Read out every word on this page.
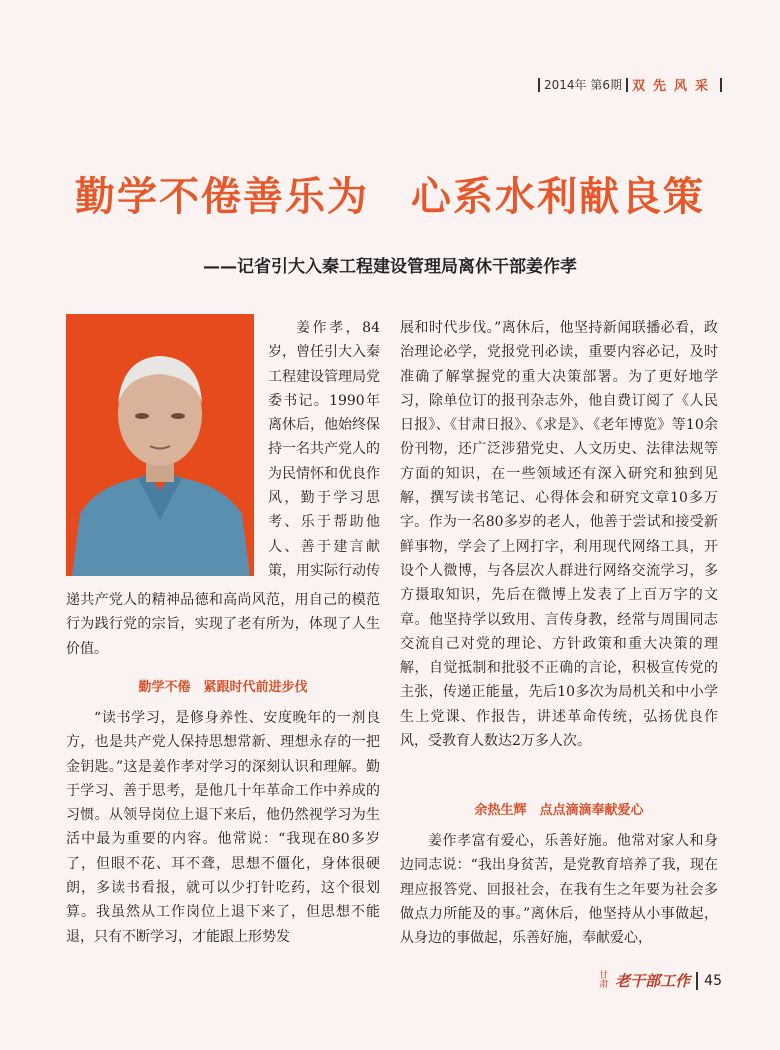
2014年 第6期 双先风采
勤学不倦善乐为　心系水利献良策
——记省引大入秦工程建设管理局离休干部姜作孝

姜作孝，84岁，曾任引大入秦工程建设管理局党委书记。1990年离休后，他始终保持一名共产党人的为民情怀和优良作风，勤于学习思考、乐于帮助他人、善于建言献策，用实际行动传

递共产党人的精神品德和高尚风范，用自己的模范行为践行党的宗旨，实现了老有所为，体现了人生价值。

勤学不倦　紧跟时代前进步伐

“读书学习，是修身养性、安度晚年的一剂良方，也是共产党人保持思想常新、理想永存的一把金钥匙。”这是姜作孝对学习的深刻认识和理解。勤于学习、善于思考，是他几十年革命工作中养成的习惯。从领导岗位上退下来后，他仍然视学习为生活中最为重要的内容。他常说：“我现在80多岁了，但眼不花、耳不聋，思想不僵化，身体很硬朗，多读书看报，就可以少打针吃药，这个很划算。我虽然从工作岗位上退下来了，但思想不能退，只有不断学习，才能跟上形势发

展和时代步伐。”离休后，他坚持新闻联播必看，政治理论必学，党报党刊必读，重要内容必记，及时准确了解掌握党的重大决策部署。为了更好地学习，除单位订的报刊杂志外，他自费订阅了《人民日报》、《甘肃日报》、《求是》、《老年博览》等10余份刊物，还广泛涉猎党史、人文历史、法律法规等方面的知识，在一些领域还有深入研究和独到见解，撰写读书笔记、心得体会和研究文章10多万字。作为一名80多岁的老人，他善于尝试和接受新鲜事物，学会了上网打字，利用现代网络工具，开设个人微博，与各层次人群进行网络交流学习，多方摄取知识，先后在微博上发表了上百万字的文章。他坚持学以致用、言传身教，经常与周围同志交流自己对党的理论、方针政策和重大决策的理解，自觉抵制和批驳不正确的言论，积极宣传党的主张，传递正能量，先后10多次为局机关和中小学生上党课、作报告，讲述革命传统，弘扬优良作风，受教育人数达2万多人次。

余热生辉　点点滴滴奉献爱心

姜作孝富有爱心，乐善好施。他常对家人和身边同志说：“我出身贫苦，是党教育培养了我，现在理应报答党、回报社会，在我有生之年要为社会多做点力所能及的事。”离休后，他坚持从小事做起，从身边的事做起，乐善好施，奉献爱心，

甘肃 老干部工作 45
